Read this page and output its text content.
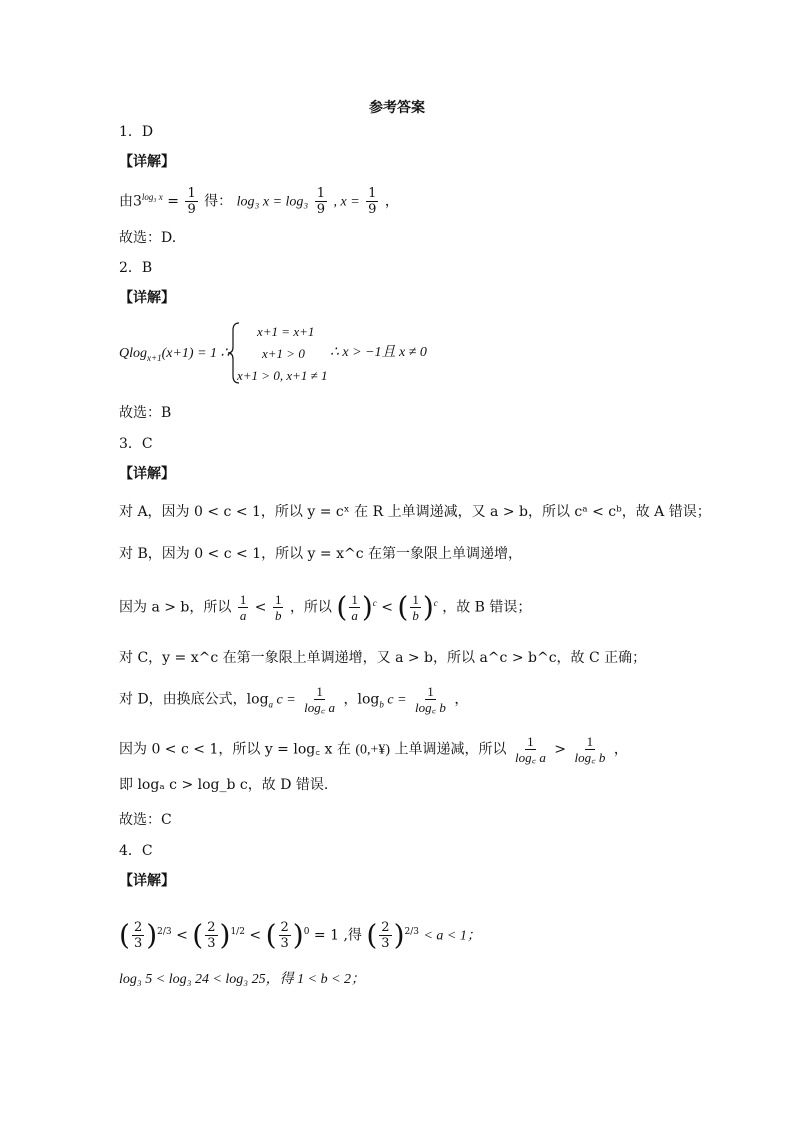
参考答案
1．D
【详解】
由$3^{log_3 x} = \frac{1}{9}$ 得： log₃ $x = \log_3 \frac{1}{9}$ , $x = \frac{1}{9}$ ，
故选：D.
2．B
【详解】
Qlog$_{x+1}$(x+1) = 1 ∴
x+1 = x+1
x+1 > 0
x+1 > 0, x+1 ≠ 1
∴ x > −1且 x ≠ 0
故选：B
3．C
【详解】
对 A，因为 0 < c < 1，所以 y = cˣ 在 R 上单调递减，又 a > b，所以 cᵃ < cᵇ，故 A 错误；
对 B，因为 0 < c < 1，所以 y = x^c 在第一象限上单调递增，
因为 a > b，所以 $\frac{1}{a} < \frac{1}{b}$ ，所以 ( $\frac{1}{a} )^c$ < ( $\frac{1}{b} )^c$ ，故 B 错误；
对 C，y = x^c 在第一象限上单调递增，又 a > b，所以 a^c > b^c，故 C 正确；
对 D，由换底公式，$\log_a c = \frac{1}{\log꜀ a}$ ，$\log_b c = \frac{1}{\log꜀ b}$ ，
因为 0 < c < 1，所以 y = log꜀ x 在 (0,+¥) 上单调递减，所以 $\frac{1}{\log꜀ a} > \frac{1}{\log꜀ b}$ ，
即 logₐ c > log_b c，故 D 错误.
故选：C
4．C
【详解】
( $\frac{2}{3} )^{2/3}$ < ( $\frac{2}{3} )^{1/2}$ < ( $\frac{2}{3} )^0 = 1$ ,得 ( $\frac{2}{3} )^{2/3} < a < 1$；
log₃ 5 < log₃ 24 < log₃ 25，得 1 < b < 2；
